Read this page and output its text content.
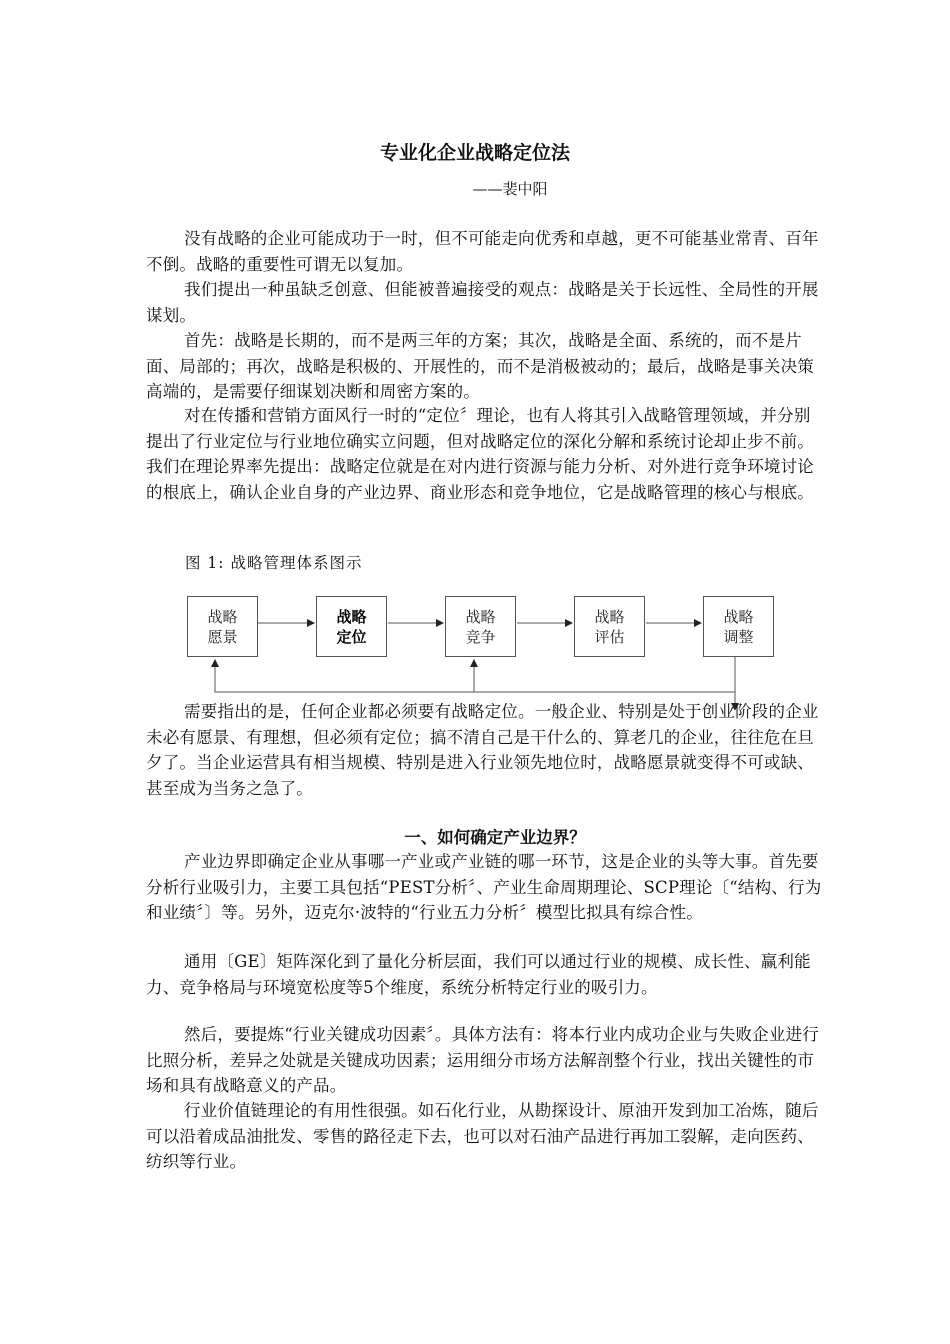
专业化企业战略定位法
——裴中阳

没有战略的企业可能成功于一时，但不可能走向优秀和卓越，更不可能基业常青、百年不倒。战略的重要性可谓无以复加。

我们提出一种虽缺乏创意、但能被普遍接受的观点：战略是关于长远性、全局性的开展谋划。

首先：战略是长期的，而不是两三年的方案；其次，战略是全面、系统的，而不是片面、局部的；再次，战略是积极的、开展性的，而不是消极被动的；最后，战略是事关决策高端的，是需要仔细谋划决断和周密方案的。

对在传播和营销方面风行一时的“定位〞理论，也有人将其引入战略管理领域，并分别提出了行业定位与行业地位确实立问题，但对战略定位的深化分解和系统讨论却止步不前。我们在理论界率先提出：战略定位就是在对内进行资源与能力分析、对外进行竞争环境讨论的根底上，确认企业自身的产业边界、商业形态和竞争地位，它是战略管理的核心与根底。

图 1: 战略管理体系图示
战略
愿景
战略
定位
战略
竞争
战略
评估
战略
调整

需要指出的是，任何企业都必须要有战略定位。一般企业、特别是处于创业阶段的企业未必有愿景、有理想，但必须有定位；搞不清自己是干什么的、算老几的企业，往往危在旦夕了。当企业运营具有相当规模、特别是进入行业领先地位时，战略愿景就变得不可或缺、甚至成为当务之急了。

一、如何确定产业边界？

产业边界即确定企业从事哪一产业或产业链的哪一环节，这是企业的头等大事。首先要分析行业吸引力，主要工具包括“PEST分析〞、产业生命周期理论、SCP理论〔“结构、行为和业绩〞〕等。另外，迈克尔·波特的“行业五力分析〞模型比拟具有综合性。

通用〔GE〕矩阵深化到了量化分析层面，我们可以通过行业的规模、成长性、赢利能力、竞争格局与环境宽松度等5个维度，系统分析特定行业的吸引力。

然后，要提炼“行业关键成功因素〞。具体方法有：将本行业内成功企业与失败企业进行比照分析，差异之处就是关键成功因素；运用细分市场方法解剖整个行业，找出关键性的市场和具有战略意义的产品。

行业价值链理论的有用性很强。如石化行业，从勘探设计、原油开发到加工冶炼，随后可以沿着成品油批发、零售的路径走下去，也可以对石油产品进行再加工裂解，走向医药、纺织等行业。
